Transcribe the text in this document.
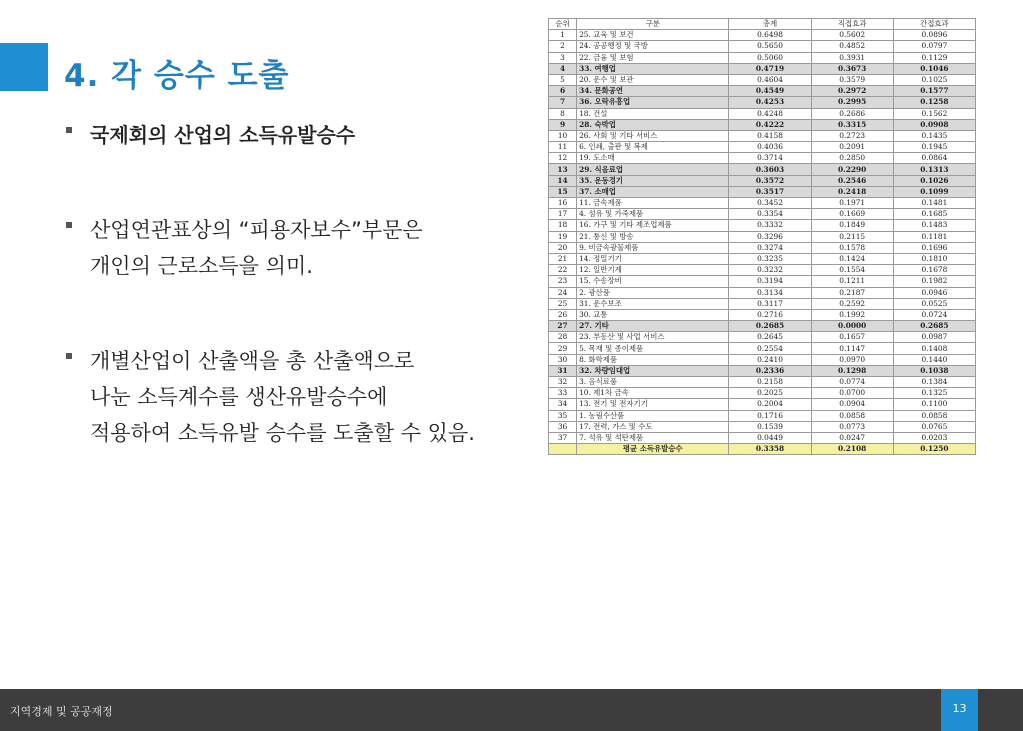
4. 각 승수 도출
국제회의 산업의 소득유발승수
산업연관표상의 “피용자보수”부문은
개인의 근로소득을 의미.
개별산업이 산출액을 총 산출액으로
나눈 소득계수를 생산유발승수에
적용하여 소득유발 승수를 도출할 수 있음.
순위	구분	총계	직접효과	간접효과
1	25. 교육 및 보건	0.6498	0.5602	0.0896
2	24. 공공행정 및 국방	0.5650	0.4852	0.0797
3	22. 금융 및 보험	0.5060	0.3931	0.1129
4	33. 여행업	0.4719	0.3673	0.1046
5	20. 운수 및 보관	0.4604	0.3579	0.1025
6	34. 문화공연	0.4549	0.2972	0.1577
7	36. 오락유흥업	0.4253	0.2995	0.1258
8	18. 건설	0.4248	0.2686	0.1562
9	28. 숙박업	0.4222	0.3315	0.0908
10	26. 사회 및 기타 서비스	0.4158	0.2723	0.1435
11	6. 인쇄, 출판 및 복제	0.4036	0.2091	0.1945
12	19. 도소매	0.3714	0.2850	0.0864
13	29. 식음료업	0.3603	0.2290	0.1313
14	35. 운동경기	0.3572	0.2546	0.1026
15	37. 소매업	0.3517	0.2418	0.1099
16	11. 금속제품	0.3452	0.1971	0.1481
17	4. 섬유 및 가죽제품	0.3354	0.1669	0.1685
18	16. 가구 및 기타 제조업제품	0.3332	0.1849	0.1483
19	21. 통신 및 방송	0.3296	0.2115	0.1181
20	9. 비금속광물제품	0.3274	0.1578	0.1696
21	14. 정밀기기	0.3235	0.1424	0.1810
22	12. 일반기계	0.3232	0.1554	0.1678
23	15. 수송장비	0.3194	0.1211	0.1982
24	2. 광산품	0.3134	0.2187	0.0946
25	31. 운수보조	0.3117	0.2592	0.0525
26	30. 교통	0.2716	0.1992	0.0724
27	27. 기타	0.2685	0.0000	0.2685
28	23. 부동산 및 사업 서비스	0.2645	0.1657	0.0987
29	5. 목재 및 종이제품	0.2554	0.1147	0.1408
30	8. 화학제품	0.2410	0.0970	0.1440
31	32. 차량임대업	0.2336	0.1298	0.1038
32	3. 음식료품	0.2158	0.0774	0.1384
33	10. 제1차 금속	0.2025	0.0700	0.1325
34	13. 전기 및 전자기기	0.2004	0.0904	0.1100
35	1. 농림수산품	0.1716	0.0858	0.0858
36	17. 전력, 가스 및 수도	0.1539	0.0773	0.0765
37	7. 석유 및 석탄제품	0.0449	0.0247	0.0203
	평균 소득유발승수	0.3358	0.2108	0.1250
지역경제 및 공공재정	13
